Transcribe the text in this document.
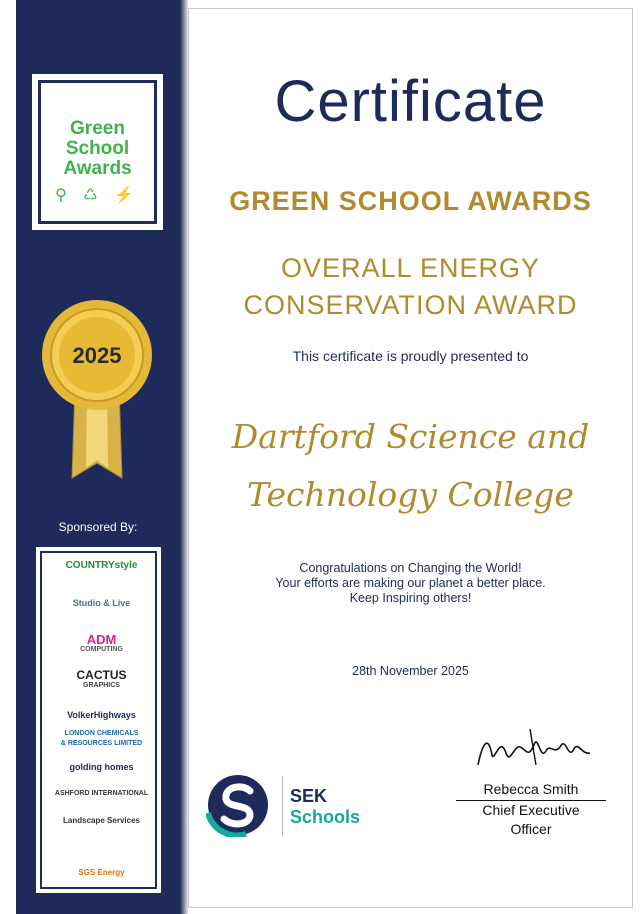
Green
School
Awards
⚲ ♺ ⚡
2025
Sponsored By:
COUNTRYstyle
Studio & Live
ADM
COMPUTING
CACTUS
GRAPHICS
VolkerHighways
LONDON CHEMICALS
& RESOURCES LIMITED
golding homes
ASHFORD INTERNATIONAL
Landscape Services
SGS Energy
Certificate
GREEN SCHOOL AWARDS
OVERALL ENERGY
CONSERVATION AWARD
This certificate is proudly presented to
Dartford Science and
Technology College
Congratulations on Changing the World!
Your efforts are making our planet a better place.
Keep Inspiring others!
28th November 2025
SEK
Schools
Rebecca Smith
Chief Executive
Officer
